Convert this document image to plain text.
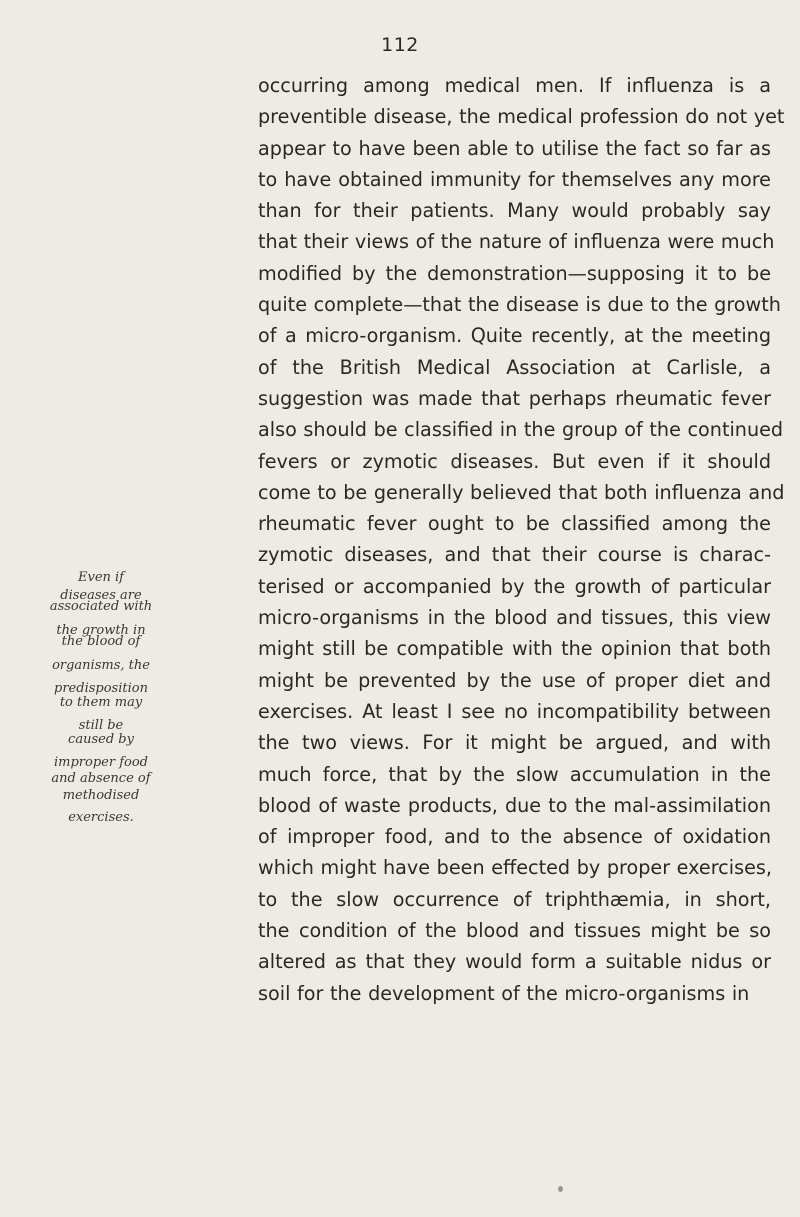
112
Even if
diseases are
associated with
the growth in
the blood of
organisms, the
predisposition
to them may
still be
caused by
improper food
and absence of
methodised
exercises.
occurring among medical men. If influenza is a
preventible disease, the medical profession do not yet
appear to have been able to utilise the fact so far as
to have obtained immunity for themselves any more
than for their patients. Many would probably say
that their views of the nature of influenza were much
modified by the demonstration—supposing it to be
quite complete—that the disease is due to the growth
of a micro-organism. Quite recently, at the meeting
of the British Medical Association at Carlisle, a
suggestion was made that perhaps rheumatic fever
also should be classified in the group of the continued
fevers or zymotic diseases. But even if it should
come to be generally believed that both influenza and
rheumatic fever ought to be classified among the
zymotic diseases, and that their course is charac-
terised or accompanied by the growth of particular
micro-organisms in the blood and tissues, this view
might still be compatible with the opinion that both
might be prevented by the use of proper diet and
exercises. At least I see no incompatibility between
the two views. For it might be argued, and with
much force, that by the slow accumulation in the
blood of waste products, due to the mal-assimilation
of improper food, and to the absence of oxidation
which might have been effected by proper exercises,
to the slow occurrence of triphthæmia, in short,
the condition of the blood and tissues might be so
altered as that they would form a suitable nidus or
soil for the development of the micro-organisms in
